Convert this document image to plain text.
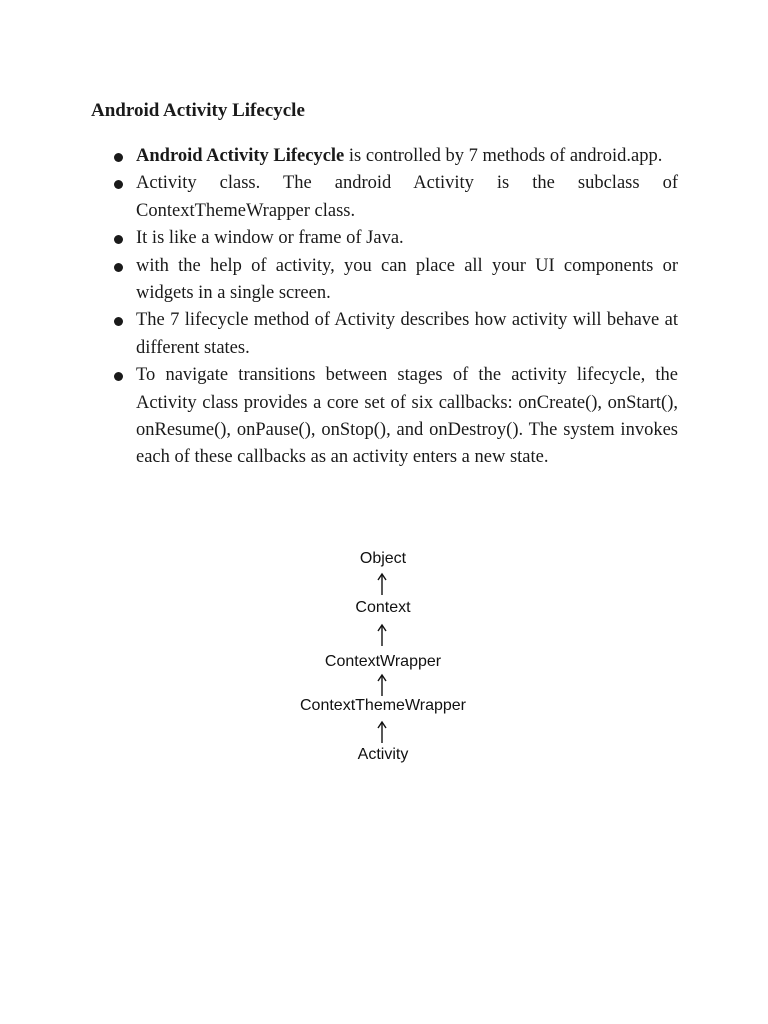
Android Activity Lifecycle
Android Activity Lifecycle is controlled by 7 methods of android.app.
Activity class. The android Activity is the subclass of ContextThemeWrapper class.
It is like a window or frame of Java.
with the help of activity, you can place all your UI components or widgets in a single screen.
The 7 lifecycle method of Activity describes how activity will behave at different states.
To navigate transitions between stages of the activity lifecycle, the Activity class provides a core set of six callbacks: onCreate(), onStart(), onResume(), onPause(), onStop(), and onDestroy(). The system invokes each of these callbacks as an activity enters a new state.
Object
Context
ContextWrapper
ContextThemeWrapper
Activity
